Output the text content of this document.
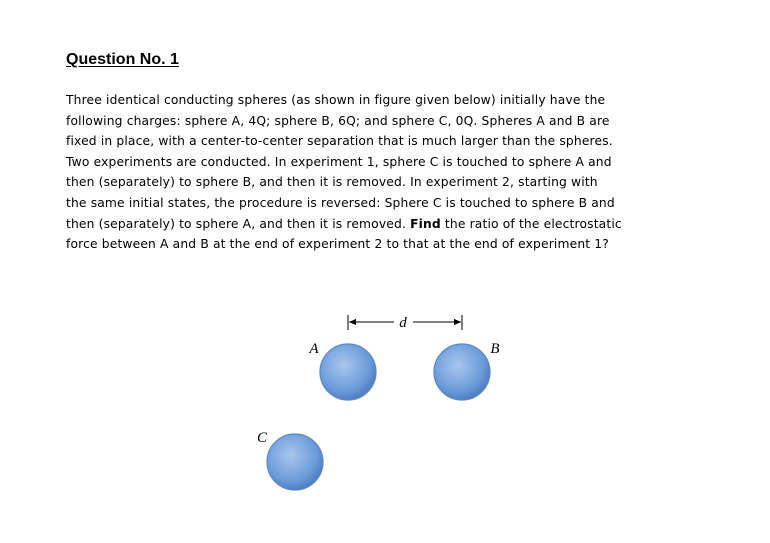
Question No. 1
Three identical conducting spheres (as shown in figure given below) initially have the
following charges: sphere A, 4Q; sphere B, 6Q; and sphere C, 0Q. Spheres A and B are
fixed in place, with a center-to-center separation that is much larger than the spheres.
Two experiments are conducted. In experiment 1, sphere C is touched to sphere A and
then (separately) to sphere B, and then it is removed. In experiment 2, starting with
the same initial states, the procedure is reversed: Sphere C is touched to sphere B and
then (separately) to sphere A, and then it is removed. Find the ratio of the electrostatic
force between A and B at the end of experiment 2 to that at the end of experiment 1?
d
A	B
C
